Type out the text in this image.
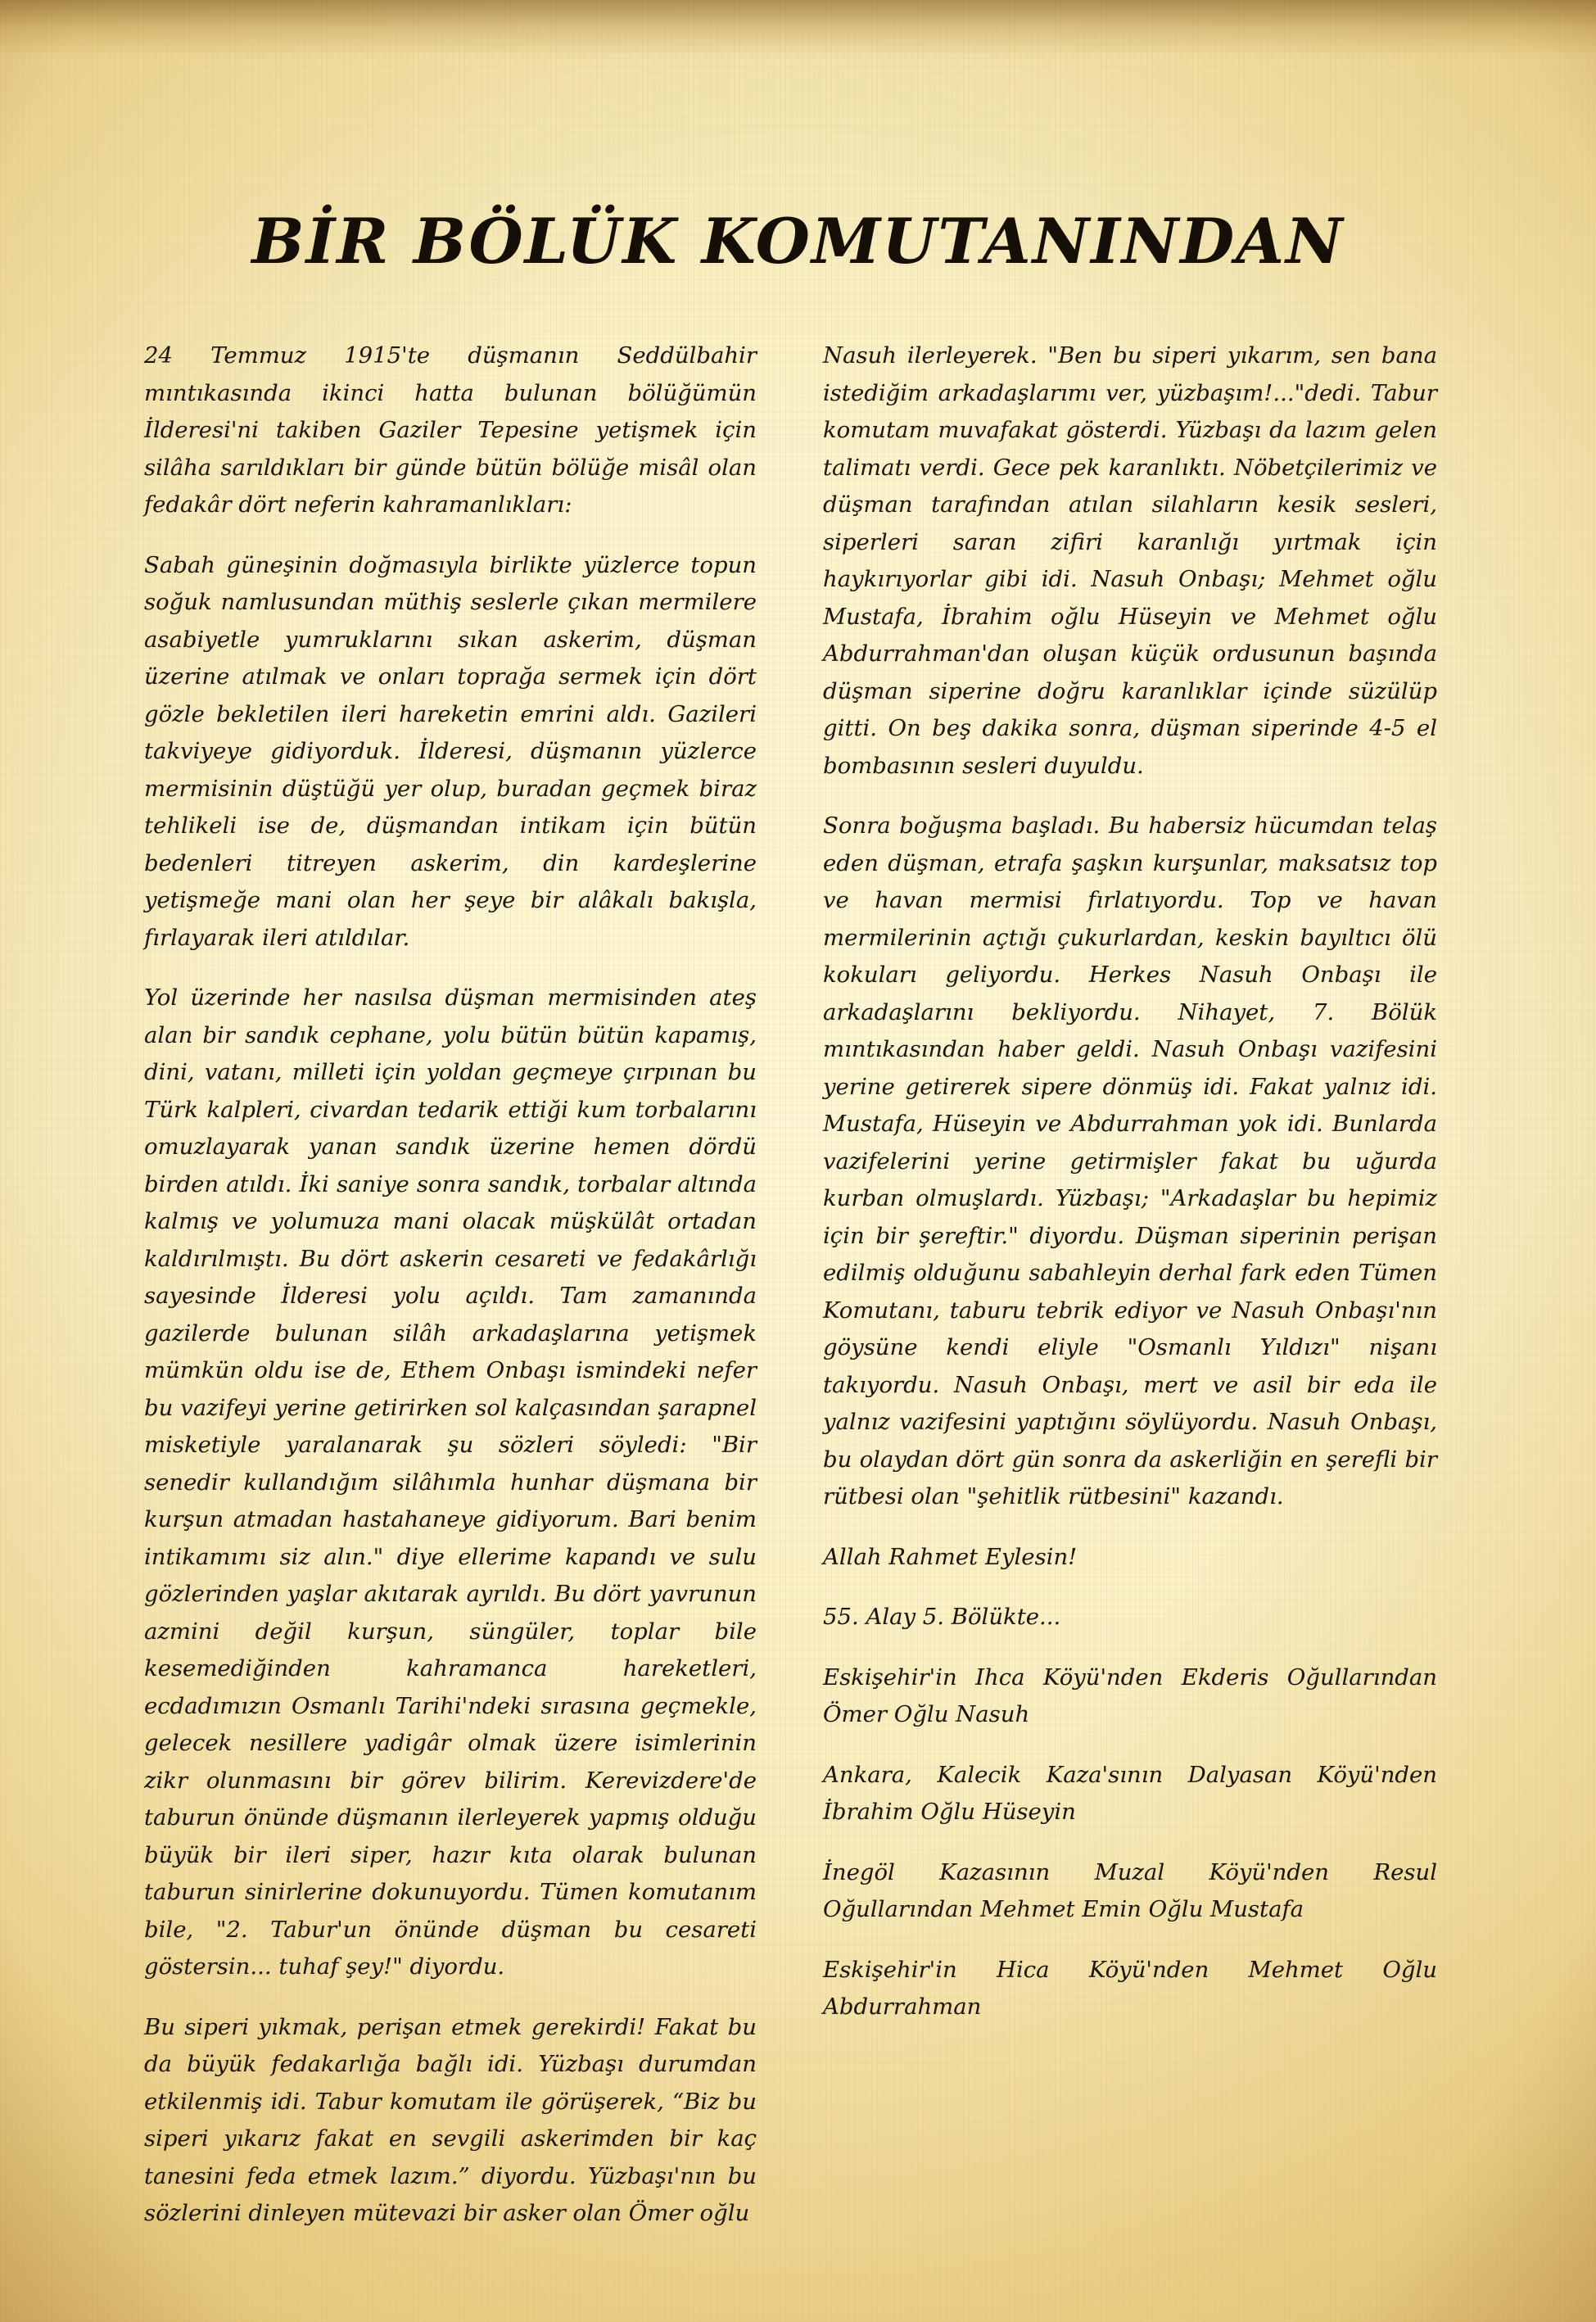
BİR BÖLÜK KOMUTANINDAN

24 Temmuz 1915'te düşmanın Seddülbahir mıntıkasında ikinci hatta bulunan bölüğümün İlderesi'ni takiben Gaziler Tepesine yetişmek için silâha sarıldıkları bir günde bütün bölüğe misâl olan fedakâr dört neferin kahramanlıkları:

Sabah güneşinin doğmasıyla birlikte yüzlerce topun soğuk namlusundan müthiş seslerle çıkan mermilere asabiyetle yumruklarını sıkan askerim, düşman üzerine atılmak ve onları toprağa sermek için dört gözle bekletilen ileri hareketin emrini aldı. Gazileri takviyeye gidiyorduk. İlderesi, düşmanın yüzlerce mermisinin düştüğü yer olup, buradan geçmek biraz tehlikeli ise de, düşmandan intikam için bütün bedenleri titreyen askerim, din kardeşlerine yetişmeğe mani olan her şeye bir alâkalı bakışla, fırlayarak ileri atıldılar.

Yol üzerinde her nasılsa düşman mermisinden ateş alan bir sandık cephane, yolu bütün bütün kapamış, dini, vatanı, milleti için yoldan geçmeye çırpınan bu Türk kalpleri, civardan tedarik ettiği kum torbalarını omuzlayarak yanan sandık üzerine hemen dördü birden atıldı. İki saniye sonra sandık, torbalar altında kalmış ve yolumuza mani olacak müşkülât ortadan kaldırılmıştı. Bu dört askerin cesareti ve fedakârlığı sayesinde İlderesi yolu açıldı. Tam zamanında gazilerde bulunan silâh arkadaşlarına yetişmek mümkün oldu ise de, Ethem Onbaşı ismindeki nefer bu vazifeyi yerine getirirken sol kalçasından şarapnel misketiyle yaralanarak şu sözleri söyledi: "Bir senedir kullandığım silâhımla hunhar düşmana bir kurşun atmadan hastahaneye gidiyorum. Bari benim intikamımı siz alın." diye ellerime kapandı ve sulu gözlerinden yaşlar akıtarak ayrıldı. Bu dört yavrunun azmini değil kurşun, süngüler, toplar bile kesemediğinden kahramanca hareketleri, ecdadımızın Osmanlı Tarihi'ndeki sırasına geçmekle, gelecek nesillere yadigâr olmak üzere isimlerinin zikr olunmasını bir görev bilirim. Kerevizdere'de taburun önünde düşmanın ilerleyerek yapmış olduğu büyük bir ileri siper, hazır kıta olarak bulunan taburun sinirlerine dokunuyordu. Tümen komutanım bile, "2. Tabur'un önünde düşman bu cesareti göstersin... tuhaf şey!" diyordu.

Bu siperi yıkmak, perişan etmek gerekirdi! Fakat bu da büyük fedakarlığa bağlı idi. Yüzbaşı durumdan etkilenmiş idi. Tabur komutam ile görüşerek, “Biz bu siperi yıkarız fakat en sevgili askerimden bir kaç tanesini feda etmek lazım.” diyordu. Yüzbaşı'nın bu sözlerini dinleyen mütevazi bir asker olan Ömer oğlu

Nasuh ilerleyerek. "Ben bu siperi yıkarım, sen bana istediğim arkadaşlarımı ver, yüzbaşım!..."dedi. Tabur komutam muvafakat gösterdi. Yüzbaşı da lazım gelen talimatı verdi. Gece pek karanlıktı. Nöbetçilerimiz ve düşman tarafından atılan silahların kesik sesleri, siperleri saran zifiri karanlığı yırtmak için haykırıyorlar gibi idi. Nasuh Onbaşı; Mehmet oğlu Mustafa, İbrahim oğlu Hüseyin ve Mehmet oğlu Abdurrahman'dan oluşan küçük ordusunun başında düşman siperine doğru karanlıklar içinde süzülüp gitti. On beş dakika sonra, düşman siperinde 4-5 el bombasının sesleri duyuldu.

Sonra boğuşma başladı. Bu habersiz hücumdan telaş eden düşman, etrafa şaşkın kurşunlar, maksatsız top ve havan mermisi fırlatıyordu. Top ve havan mermilerinin açtığı çukurlardan, keskin bayıltıcı ölü kokuları geliyordu. Herkes Nasuh Onbaşı ile arkadaşlarını bekliyordu. Nihayet, 7. Bölük mıntıkasından haber geldi. Nasuh Onbaşı vazifesini yerine getirerek sipere dönmüş idi. Fakat yalnız idi. Mustafa, Hüseyin ve Abdurrahman yok idi. Bunlarda vazifelerini yerine getirmişler fakat bu uğurda kurban olmuşlardı. Yüzbaşı; "Arkadaşlar bu hepimiz için bir şereftir." diyordu. Düşman siperinin perişan edilmiş olduğunu sabahleyin derhal fark eden Tümen Komutanı, taburu tebrik ediyor ve Nasuh Onbaşı'nın göysüne kendi eliyle "Osmanlı Yıldızı" nişanı takıyordu. Nasuh Onbaşı, mert ve asil bir eda ile yalnız vazifesini yaptığını söylüyordu. Nasuh Onbaşı, bu olaydan dört gün sonra da askerliğin en şerefli bir rütbesi olan "şehitlik rütbesini" kazandı.

Allah Rahmet Eylesin!

55. Alay 5. Bölükte...

Eskişehir'in Ihca Köyü'nden Ekderis Oğullarından Ömer Oğlu Nasuh

Ankara, Kalecik Kaza'sının Dalyasan Köyü'nden İbrahim Oğlu Hüseyin

İnegöl Kazasının Muzal Köyü'nden Resul Oğullarından Mehmet Emin Oğlu Mustafa

Eskişehir'in Hica Köyü'nden Mehmet Oğlu Abdurrahman
